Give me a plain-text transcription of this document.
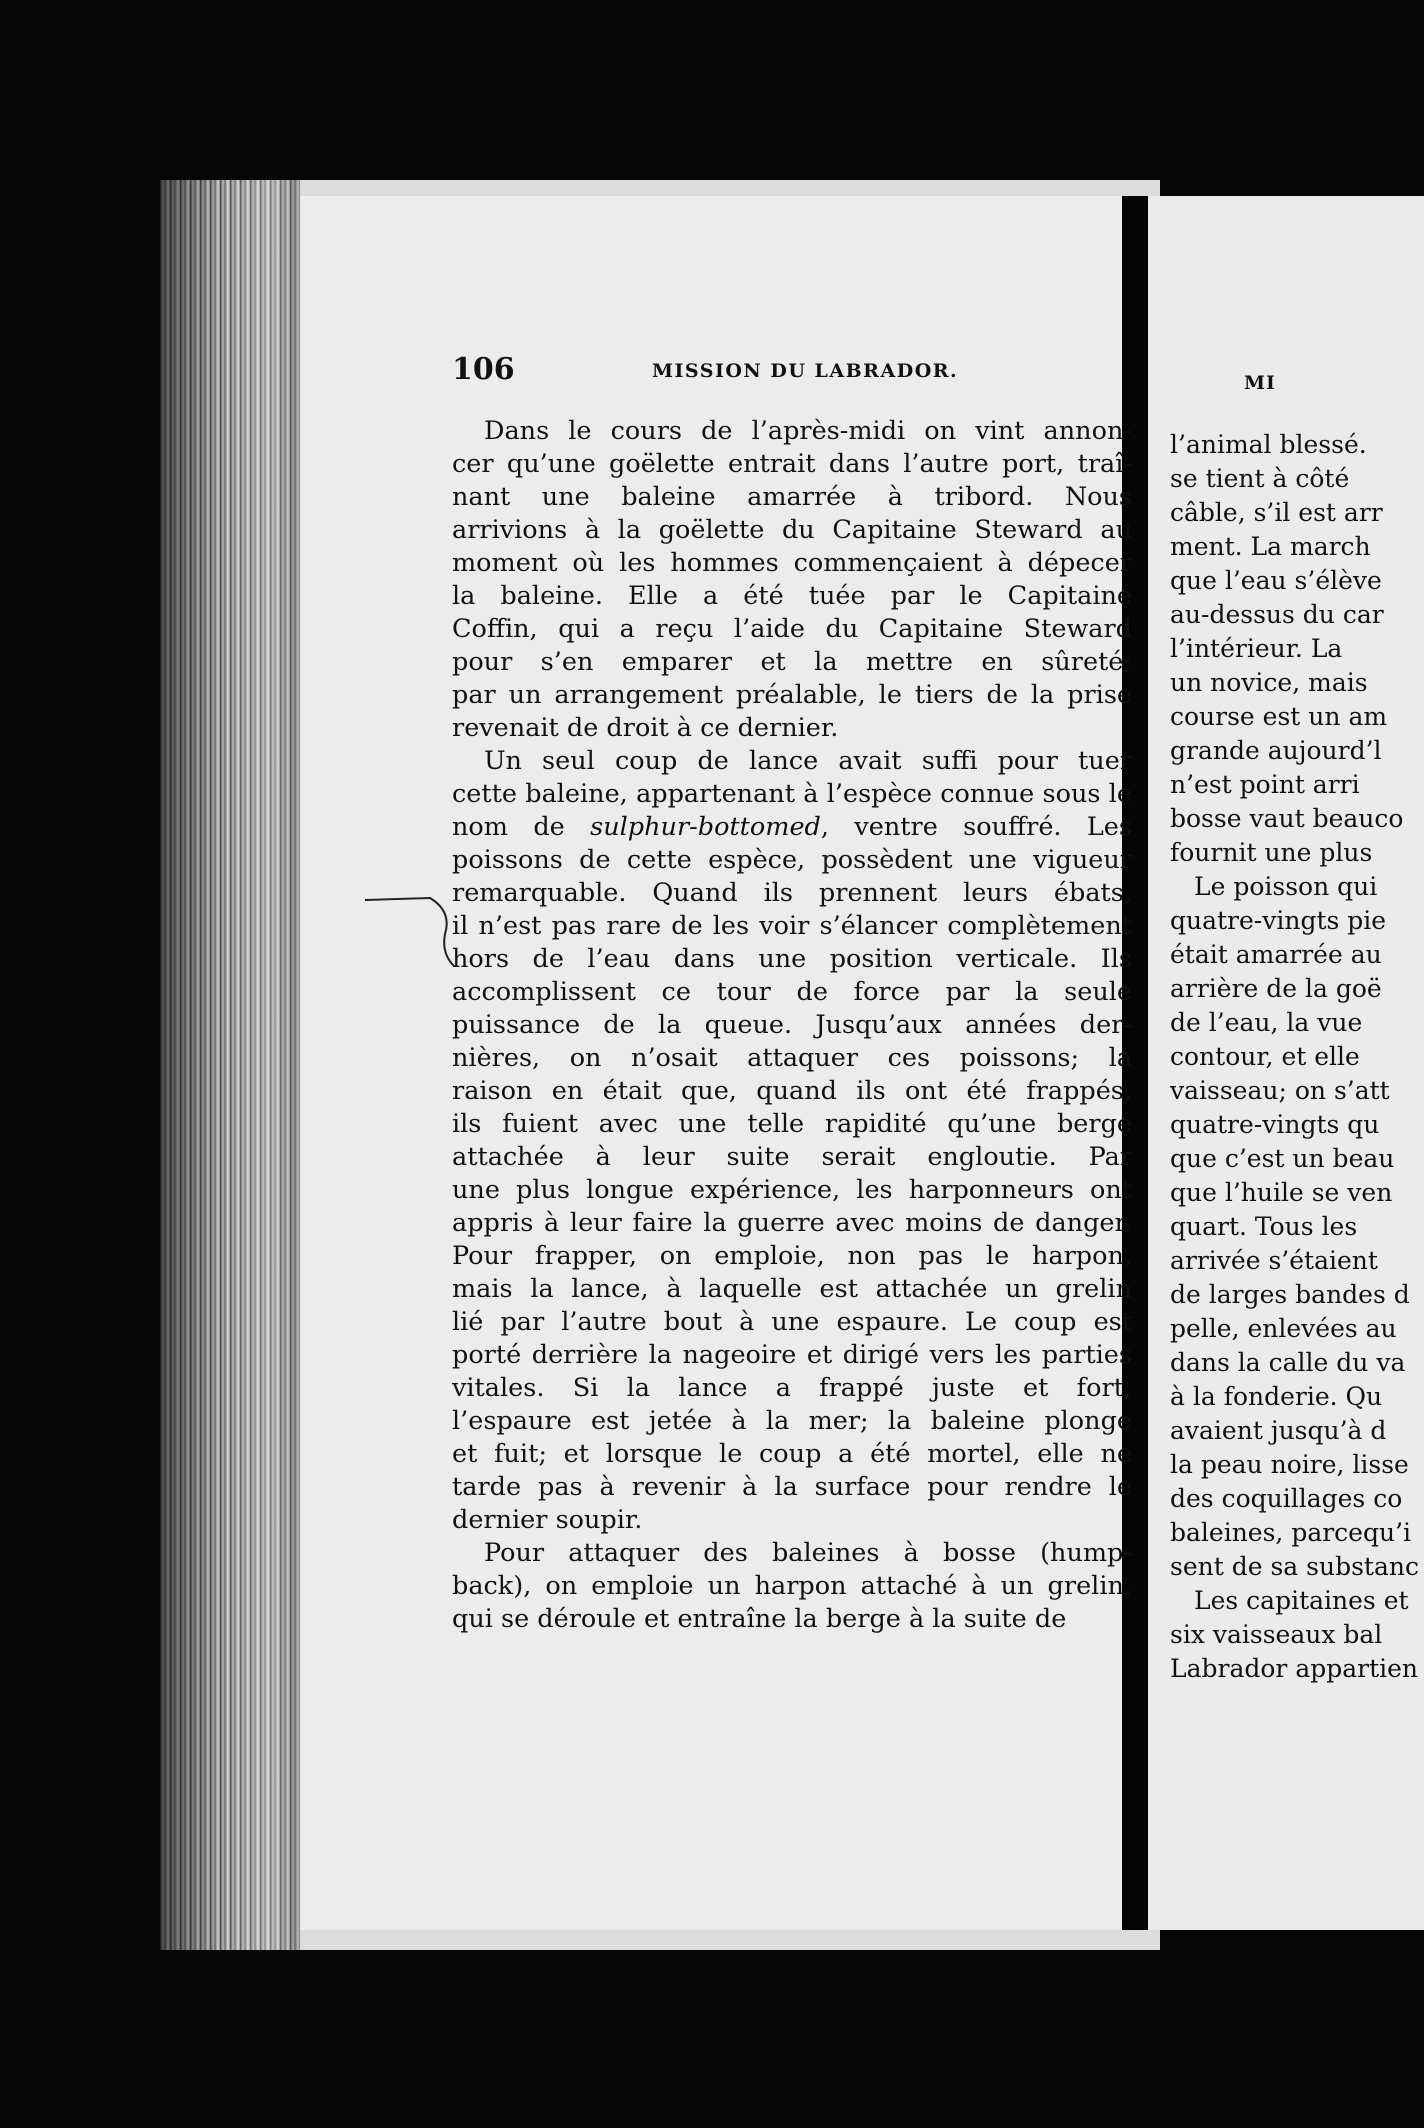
106	MISSION DU LABRADOR.
MI
Dans le cours de l’après-midi on vint annon-
cer qu’une goëlette entrait dans l’autre port, traî-
nant une baleine amarrée à tribord. Nous
arrivions à la goëlette du Capitaine Steward au
moment où les hommes commençaient à dépecer
la baleine. Elle a été tuée par le Capitaine
Coffin, qui a reçu l’aide du Capitaine Steward
pour s’en emparer et la mettre en sûreté;
par un arrangement préalable, le tiers de la prise
revenait de droit à ce dernier.
Un seul coup de lance avait suffi pour tuer
cette baleine, appartenant à l’espèce connue sous le
nom de sulphur-bottomed, ventre souffré. Les
poissons de cette espèce, possèdent une vigueur
remarquable. Quand ils prennent leurs ébats,
il n’est pas rare de les voir s’élancer complètement
hors de l’eau dans une position verticale. Ils
accomplissent ce tour de force par la seule
puissance de la queue. Jusqu’aux années der-
nières, on n’osait attaquer ces poissons; la
raison en était que, quand ils ont été frappés,
ils fuient avec une telle rapidité qu’une berge
attachée à leur suite serait engloutie. Par
une plus longue expérience, les harponneurs ont
appris à leur faire la guerre avec moins de danger.
Pour frapper, on emploie, non pas le harpon,
mais la lance, à laquelle est attachée un grelin
lié par l’autre bout à une espaure. Le coup est
porté derrière la nageoire et dirigé vers les parties
vitales. Si la lance a frappé juste et fort,
l’espaure est jetée à la mer; la baleine plonge
et fuit; et lorsque le coup a été mortel, elle ne
tarde pas à revenir à la surface pour rendre le
dernier soupir.
Pour attaquer des baleines à bosse (hump-
back), on emploie un harpon attaché à un grelin,
qui se déroule et entraîne la berge à la suite de
l’animal blessé.
se tient à côté
câble, s’il est arr
ment. La march
que l’eau s’élève
au-dessus du car
l’intérieur. La
un novice, mais
course est un am
grande aujourd’l
n’est point arri
bosse vaut beauco
fournit une plus
Le poisson qui
quatre-vingts pie
était amarrée au
arrière de la goë
de l’eau, la vue
contour, et elle
vaisseau; on s’att
quatre-vingts qu
que c’est un beau
que l’huile se ven
quart. Tous les
arrivée s’étaient
de larges bandes d
pelle, enlevées au
dans la calle du va
à la fonderie. Qu
avaient jusqu’à d
la peau noire, lisse
des coquillages co
baleines, parcequ’i
sent de sa substanc
Les capitaines et
six vaisseaux bal
Labrador appartien
